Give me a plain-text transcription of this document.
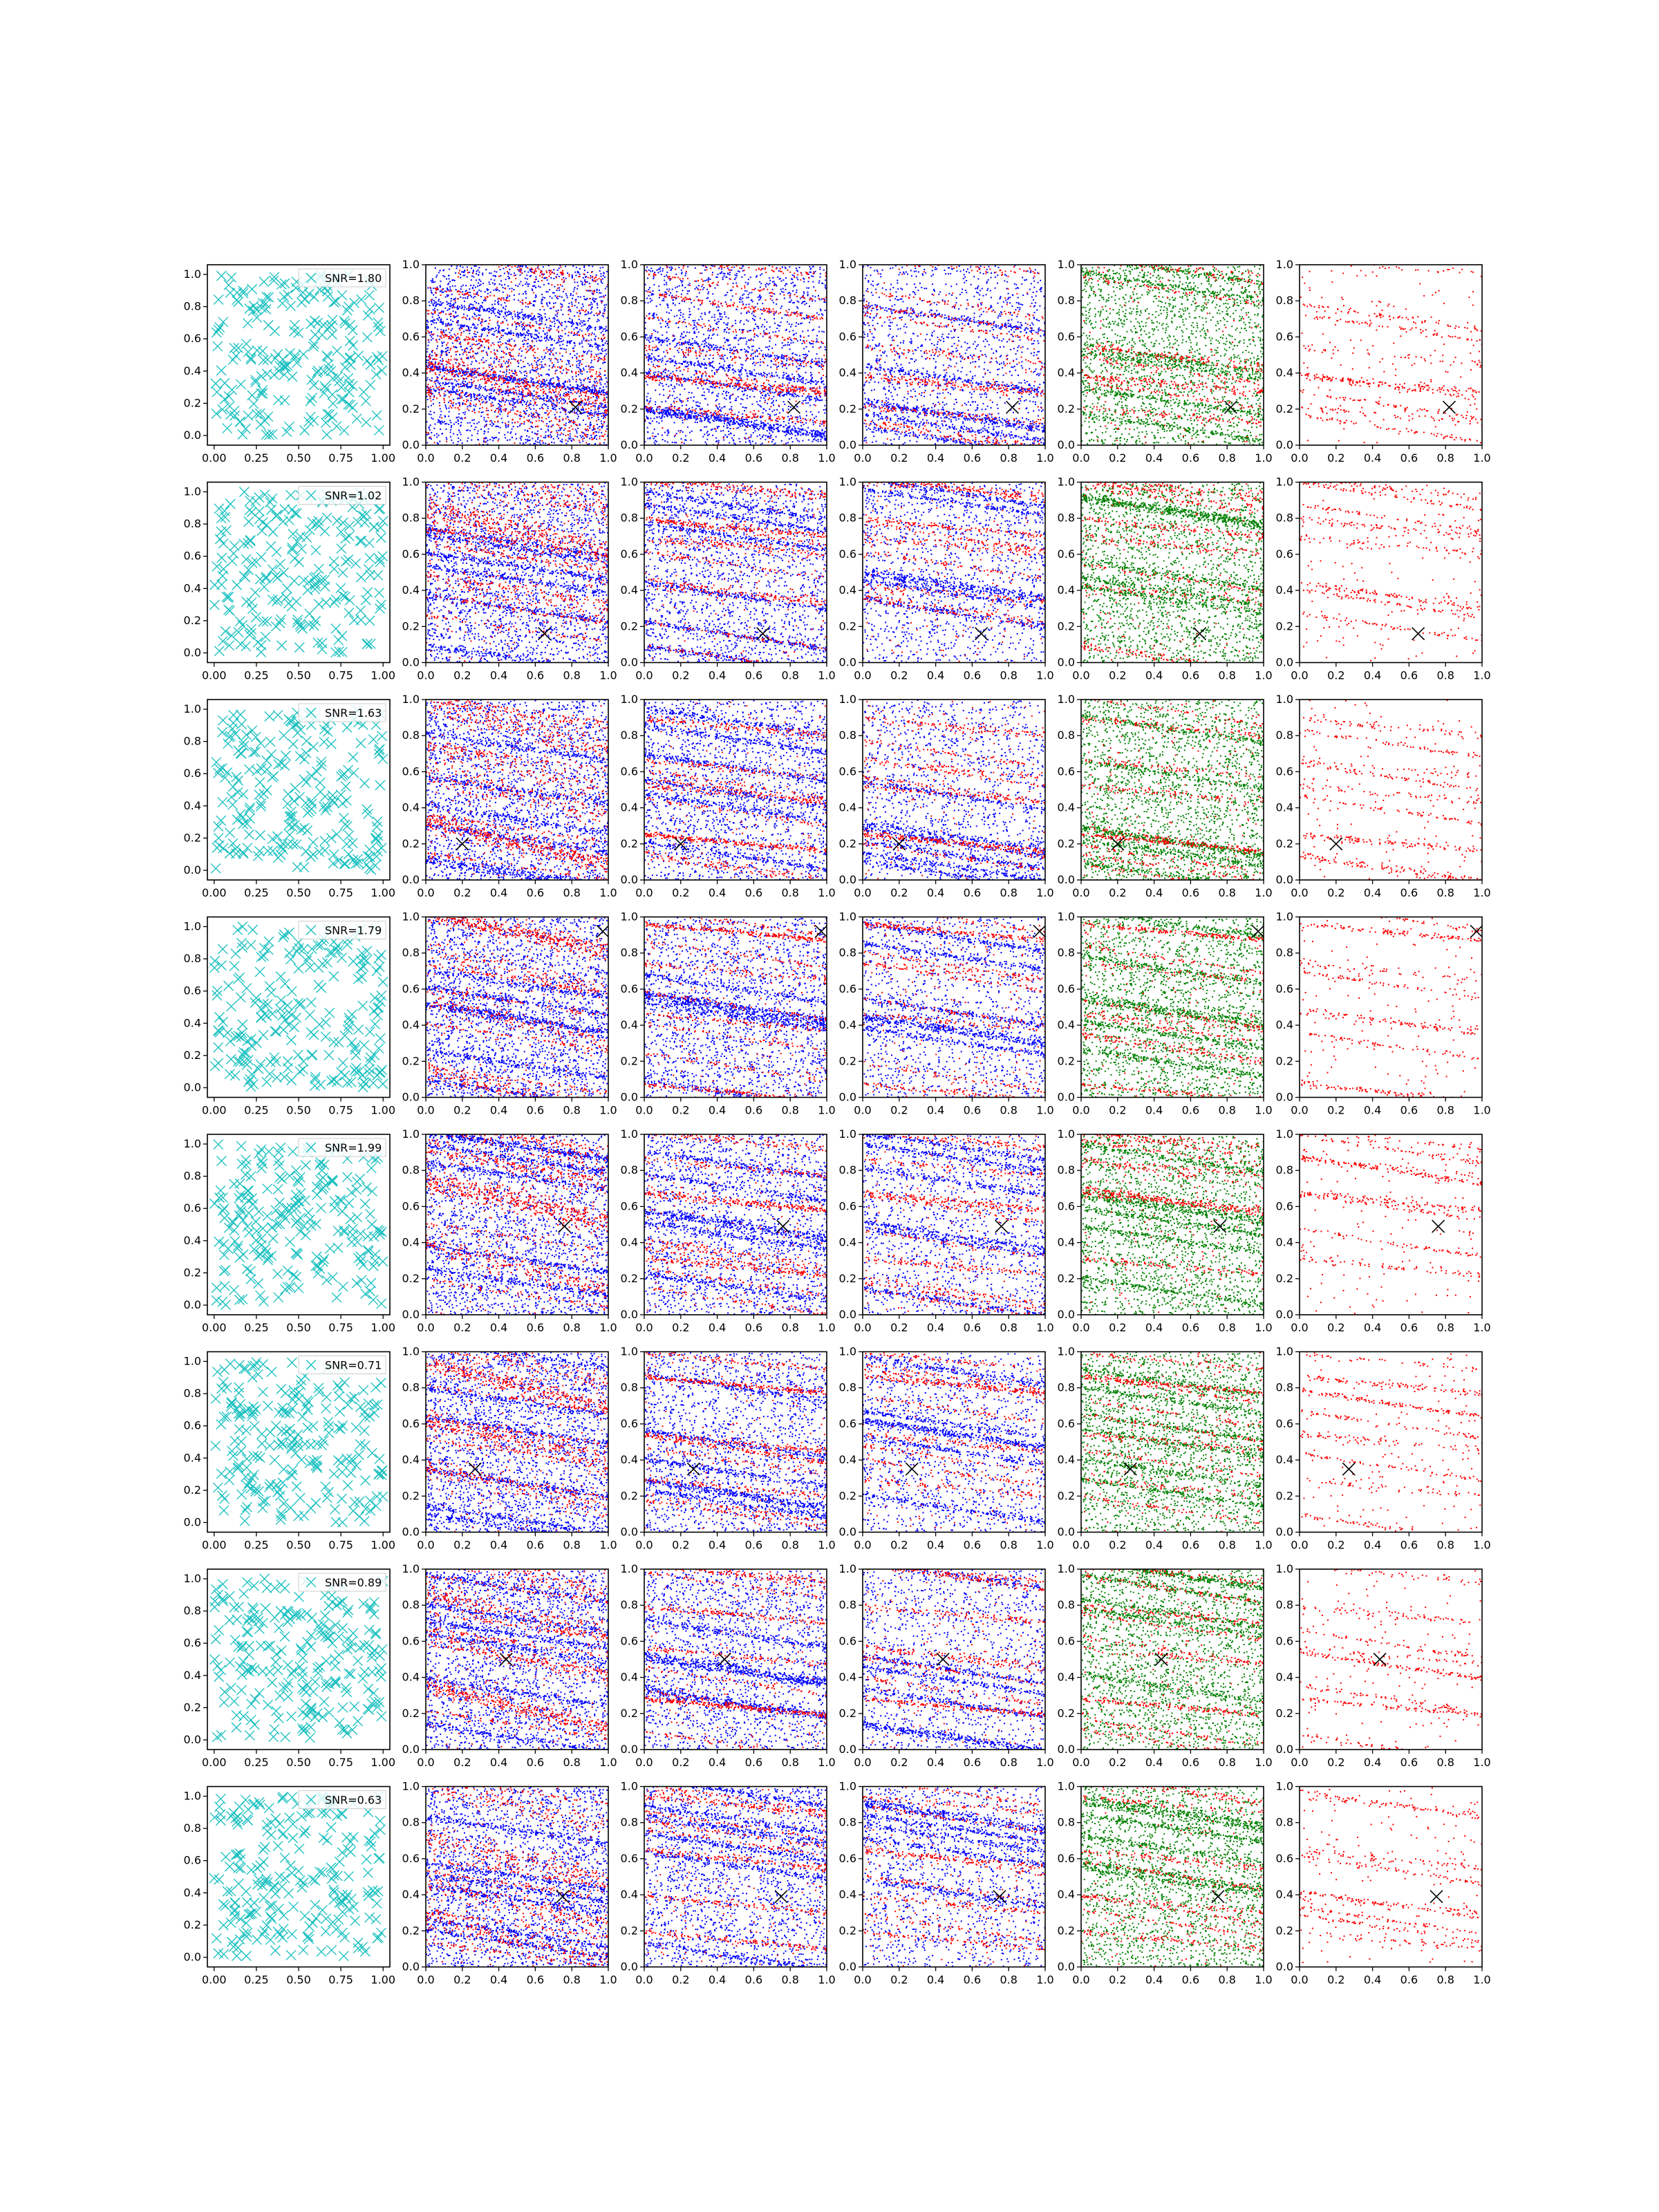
0.00 0.25 0.50 0.75 1.00
0.0
0.2
0.4
0.6
0.8
1.0	SNR=1.80
0.0 0.2 0.4 0.6 0.8 1.0
0.0
0.2
0.4
0.6
0.8
1.0
0.0 0.2 0.4 0.6 0.8 1.0
0.0
0.2
0.4
0.6
0.8
1.0
0.0 0.2 0.4 0.6 0.8 1.0
0.0
0.2
0.4
0.6
0.8
1.0
0.0 0.2 0.4 0.6 0.8 1.0
0.0
0.2
0.4
0.6
0.8
1.0
0.0 0.2 0.4 0.6 0.8 1.0
0.0
0.2
0.4
0.6
0.8
1.0
0.00 0.25 0.50 0.75 1.00
0.0
0.2
0.4
0.6
0.8
1.0	SNR=1.02
0.0 0.2 0.4 0.6 0.8 1.0
0.0
0.2
0.4
0.6
0.8
1.0
0.0 0.2 0.4 0.6 0.8 1.0
0.0
0.2
0.4
0.6
0.8
1.0
0.0 0.2 0.4 0.6 0.8 1.0
0.0
0.2
0.4
0.6
0.8
1.0
0.0 0.2 0.4 0.6 0.8 1.0
0.0
0.2
0.4
0.6
0.8
1.0
0.0 0.2 0.4 0.6 0.8 1.0
0.0
0.2
0.4
0.6
0.8
1.0
0.00 0.25 0.50 0.75 1.00
0.0
0.2
0.4
0.6
0.8
1.0	SNR=1.63
0.0 0.2 0.4 0.6 0.8 1.0
0.0
0.2
0.4
0.6
0.8
1.0
0.0 0.2 0.4 0.6 0.8 1.0
0.0
0.2
0.4
0.6
0.8
1.0
0.0 0.2 0.4 0.6 0.8 1.0
0.0
0.2
0.4
0.6
0.8
1.0
0.0 0.2 0.4 0.6 0.8 1.0
0.0
0.2
0.4
0.6
0.8
1.0
0.0 0.2 0.4 0.6 0.8 1.0
0.0
0.2
0.4
0.6
0.8
1.0
0.00 0.25 0.50 0.75 1.00
0.0
0.2
0.4
0.6
0.8
1.0	SNR=1.79
0.0 0.2 0.4 0.6 0.8 1.0
0.0
0.2
0.4
0.6
0.8
1.0
0.0 0.2 0.4 0.6 0.8 1.0
0.0
0.2
0.4
0.6
0.8
1.0
0.0 0.2 0.4 0.6 0.8 1.0
0.0
0.2
0.4
0.6
0.8
1.0
0.0 0.2 0.4 0.6 0.8 1.0
0.0
0.2
0.4
0.6
0.8
1.0
0.0 0.2 0.4 0.6 0.8 1.0
0.0
0.2
0.4
0.6
0.8
1.0
0.00 0.25 0.50 0.75 1.00
0.0
0.2
0.4
0.6
0.8
1.0	SNR=1.99
0.0 0.2 0.4 0.6 0.8 1.0
0.0
0.2
0.4
0.6
0.8
1.0
0.0 0.2 0.4 0.6 0.8 1.0
0.0
0.2
0.4
0.6
0.8
1.0
0.0 0.2 0.4 0.6 0.8 1.0
0.0
0.2
0.4
0.6
0.8
1.0
0.0 0.2 0.4 0.6 0.8 1.0
0.0
0.2
0.4
0.6
0.8
1.0
0.0 0.2 0.4 0.6 0.8 1.0
0.0
0.2
0.4
0.6
0.8
1.0
0.00 0.25 0.50 0.75 1.00
0.0
0.2
0.4
0.6
0.8
1.0	SNR=0.71
0.0 0.2 0.4 0.6 0.8 1.0
0.0
0.2
0.4
0.6
0.8
1.0
0.0 0.2 0.4 0.6 0.8 1.0
0.0
0.2
0.4
0.6
0.8
1.0
0.0 0.2 0.4 0.6 0.8 1.0
0.0
0.2
0.4
0.6
0.8
1.0
0.0 0.2 0.4 0.6 0.8 1.0
0.0
0.2
0.4
0.6
0.8
1.0
0.0 0.2 0.4 0.6 0.8 1.0
0.0
0.2
0.4
0.6
0.8
1.0
0.00 0.25 0.50 0.75 1.00
0.0
0.2
0.4
0.6
0.8
1.0	SNR=0.89
0.0 0.2 0.4 0.6 0.8 1.0
0.0
0.2
0.4
0.6
0.8
1.0
0.0 0.2 0.4 0.6 0.8 1.0
0.0
0.2
0.4
0.6
0.8
1.0
0.0 0.2 0.4 0.6 0.8 1.0
0.0
0.2
0.4
0.6
0.8
1.0
0.0 0.2 0.4 0.6 0.8 1.0
0.0
0.2
0.4
0.6
0.8
1.0
0.0 0.2 0.4 0.6 0.8 1.0
0.0
0.2
0.4
0.6
0.8
1.0
0.00 0.25 0.50 0.75 1.00
0.0
0.2
0.4
0.6
0.8
1.0	SNR=0.63
0.0 0.2 0.4 0.6 0.8 1.0
0.0
0.2
0.4
0.6
0.8
1.0
0.0 0.2 0.4 0.6 0.8 1.0
0.0
0.2
0.4
0.6
0.8
1.0
0.0 0.2 0.4 0.6 0.8 1.0
0.0
0.2
0.4
0.6
0.8
1.0
0.0 0.2 0.4 0.6 0.8 1.0
0.0
0.2
0.4
0.6
0.8
1.0
0.0 0.2 0.4 0.6 0.8 1.0
0.0
0.2
0.4
0.6
0.8
1.0
